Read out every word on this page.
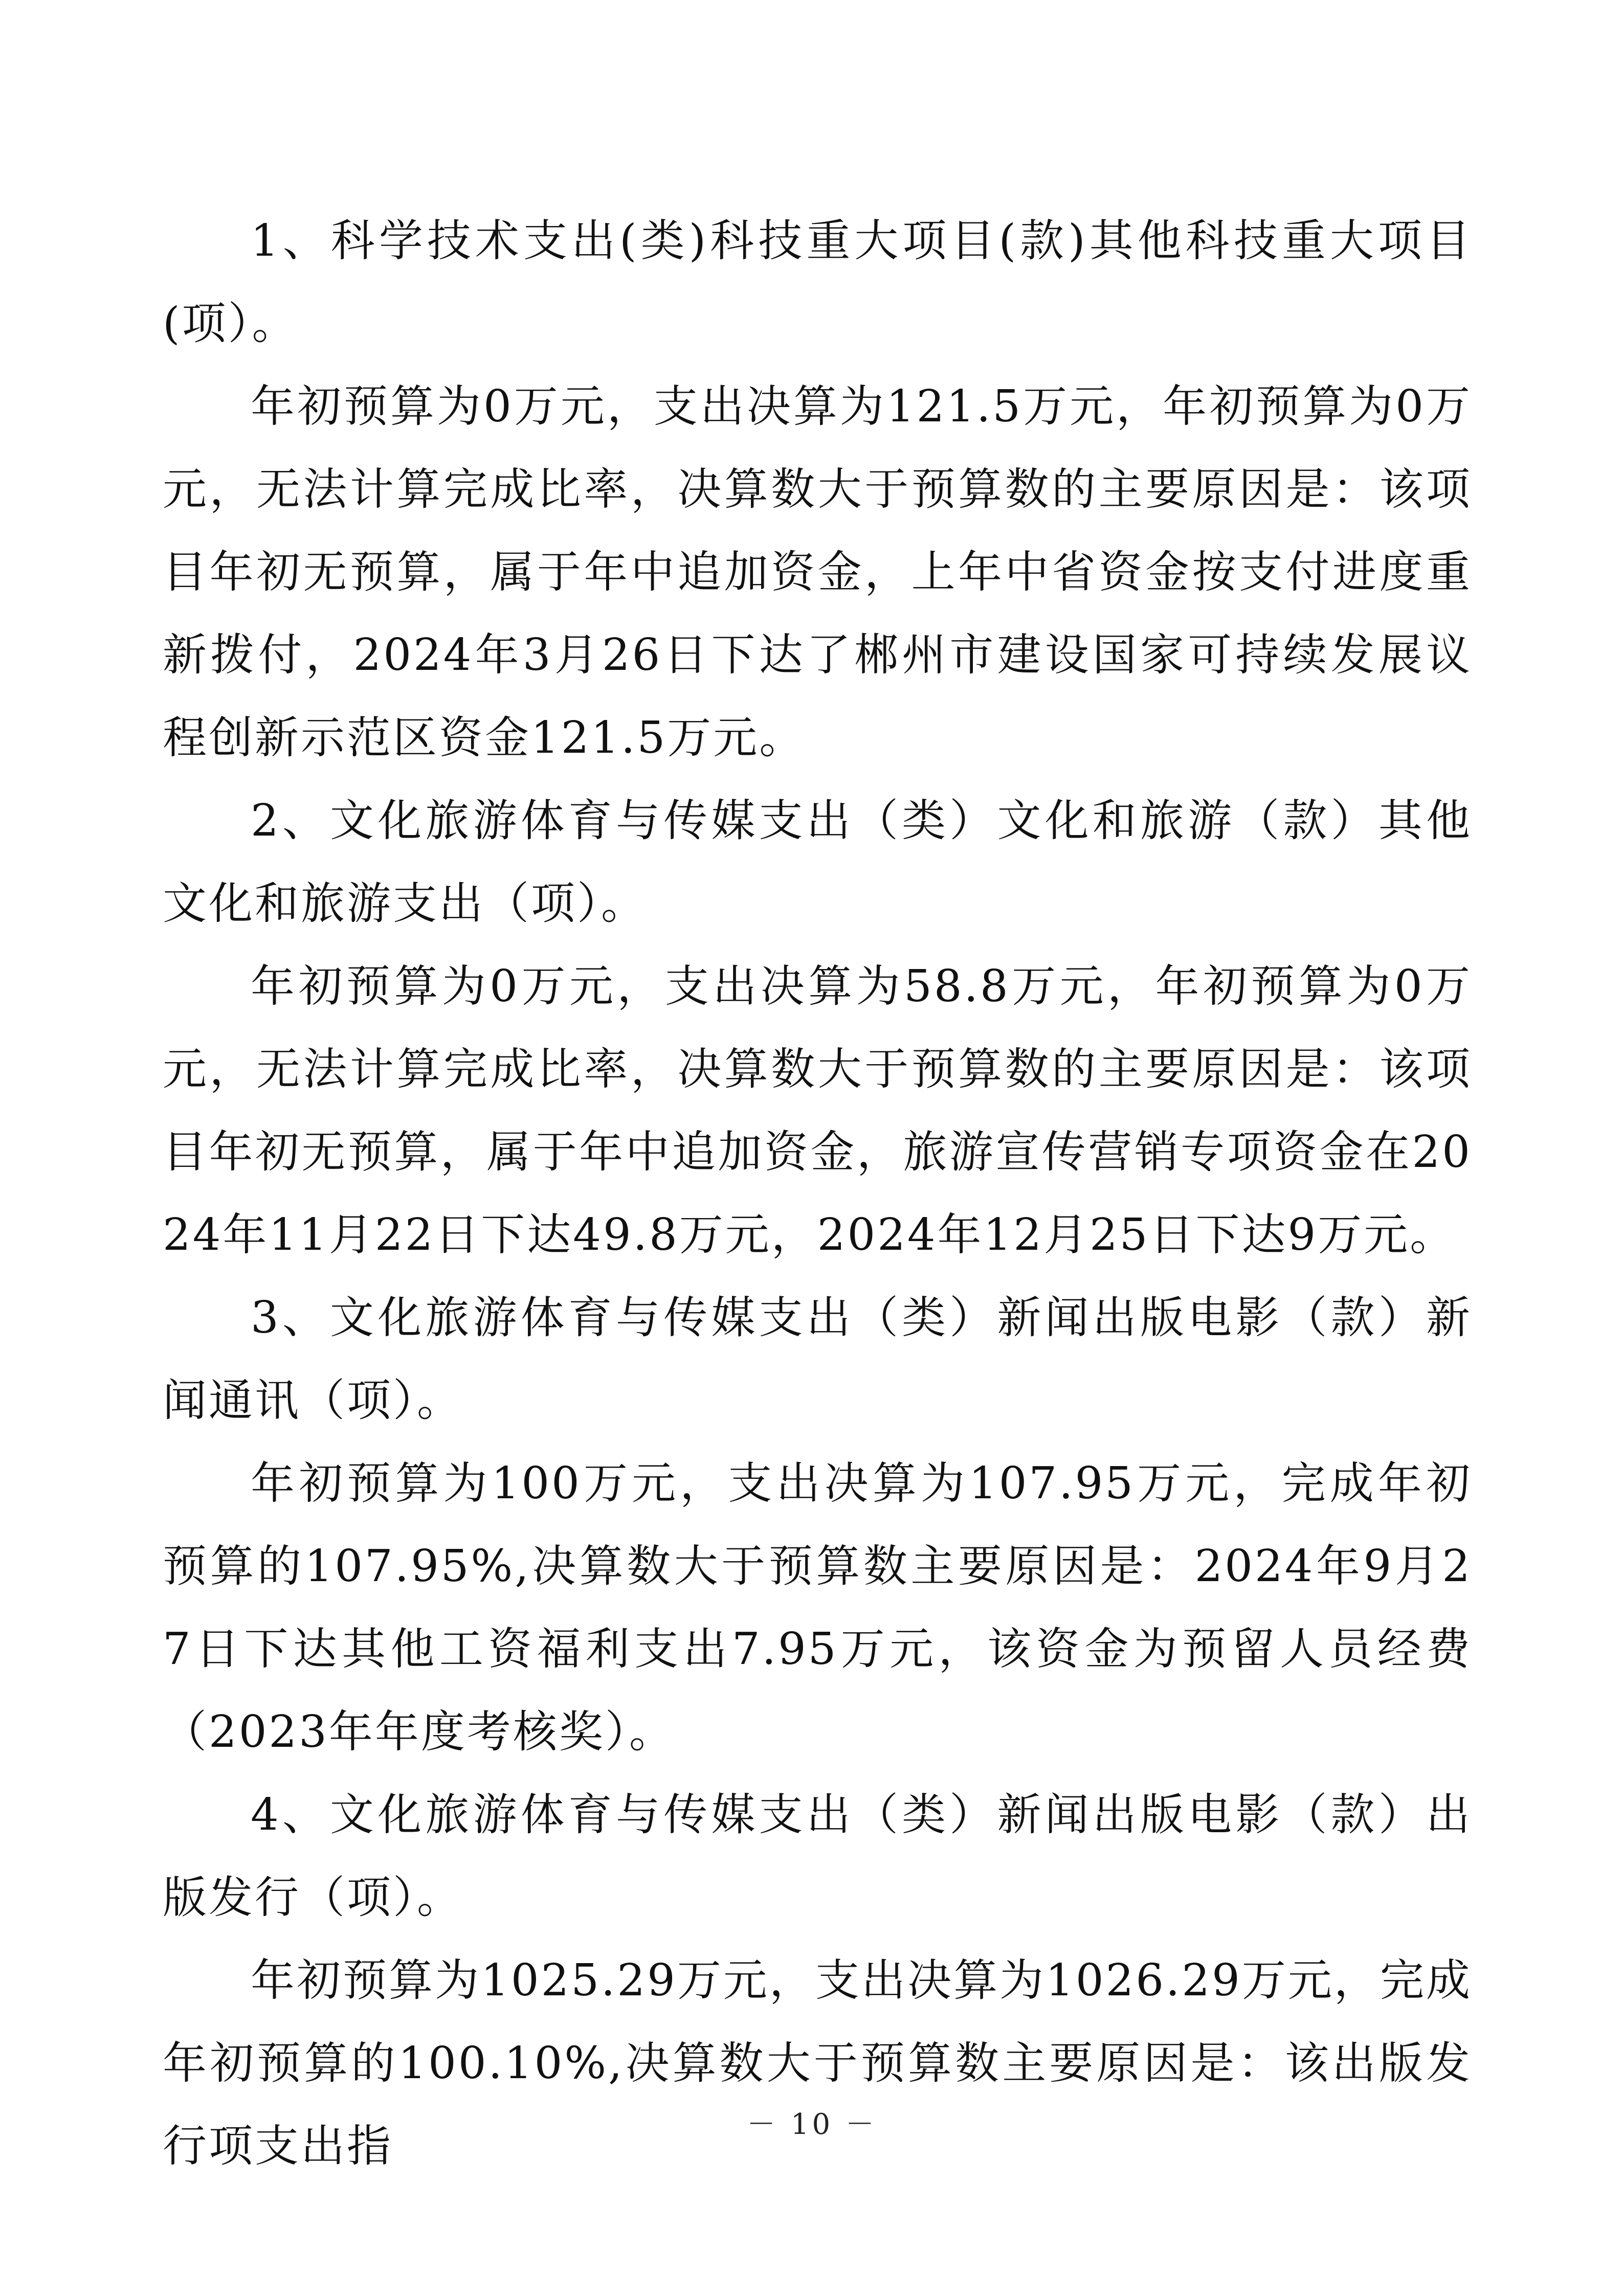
1、科学技术支出(类)科技重大项目(款)其他科技重大项目(项）。

年初预算为0万元，支出决算为121.5万元，年初预算为0万元，无法计算完成比率，决算数大于预算数的主要原因是：该项目年初无预算，属于年中追加资金，上年中省资金按支付进度重新拨付，2024年3月26日下达了郴州市建设国家可持续发展议程创新示范区资金121.5万元。

2、文化旅游体育与传媒支出（类）文化和旅游（款）其他文化和旅游支出（项）。

年初预算为0万元，支出决算为58.8万元，年初预算为0万元，无法计算完成比率，决算数大于预算数的主要原因是：该项目年初无预算，属于年中追加资金，旅游宣传营销专项资金在2024年11月22日下达49.8万元，2024年12月25日下达9万元。

3、文化旅游体育与传媒支出（类）新闻出版电影（款）新闻通讯（项）。

年初预算为100万元，支出决算为107.95万元，完成年初预算的107.95%,决算数大于预算数主要原因是：2024年9月27日下达其他工资福利支出7.95万元，该资金为预留人员经费（2023年年度考核奖）。

4、文化旅游体育与传媒支出（类）新闻出版电影（款）出版发行（项）。

年初预算为1025.29万元，支出决算为1026.29万元，完成年初预算的100.10%,决算数大于预算数主要原因是：该出版发行项支出指	－ 10 －
